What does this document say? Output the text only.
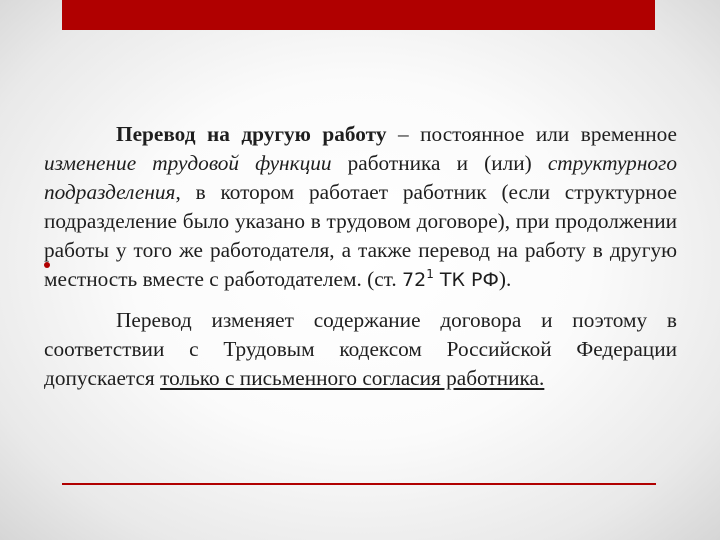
Перевод на другую работу – постоянное или временное изменение трудовой функции работника и (или) структурного подразделения, в котором работает работник (если структурное подразделение было указано в трудовом договоре), при продолжении работы у того же работодателя, а также перевод на работу в другую местность вместе с работодателем. (ст. $72^1$ ТК РФ).

Перевод изменяет содержание договора и поэтому в соответствии с Трудовым кодексом Российской Федерации допускается только с письменного согласия работника.
